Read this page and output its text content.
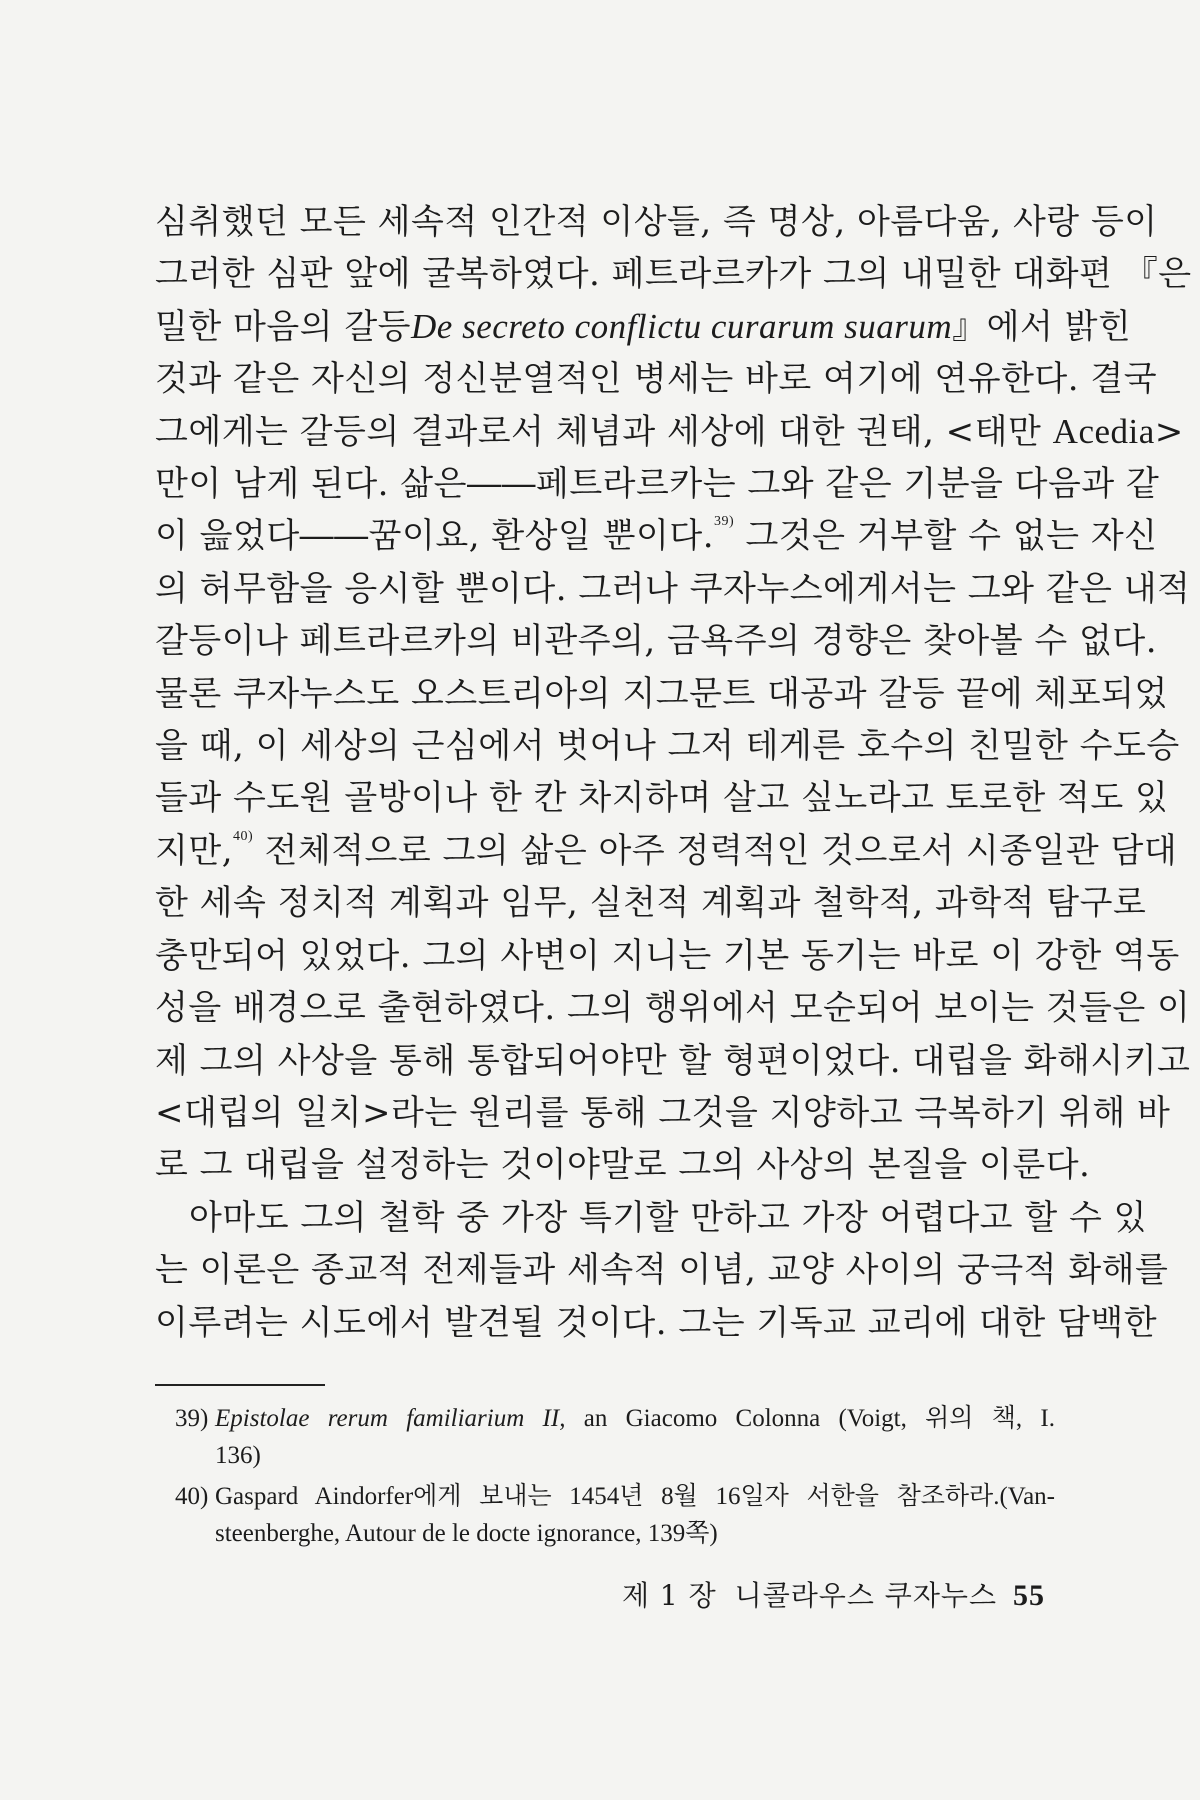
심취했던 모든 세속적 인간적 이상들, 즉 명상, 아름다움, 사랑 등이
그러한 심판 앞에 굴복하였다. 페트라르카가 그의 내밀한 대화편 『은
밀한 마음의 갈등De secreto conflictu curarum suarum』에서 밝힌
것과 같은 자신의 정신분열적인 병세는 바로 여기에 연유한다. 결국
그에게는 갈등의 결과로서 체념과 세상에 대한 권태, <태만 Acedia>
만이 남게 된다. 삶은――페트라르카는 그와 같은 기분을 다음과 같
이 읊었다――꿈이요, 환상일 뿐이다.$^{39)}$ 그것은 거부할 수 없는 자신
의 허무함을 응시할 뿐이다. 그러나 쿠자누스에게서는 그와 같은 내적
갈등이나 페트라르카의 비관주의, 금욕주의 경향은 찾아볼 수 없다.
물론 쿠자누스도 오스트리아의 지그문트 대공과 갈등 끝에 체포되었
을 때, 이 세상의 근심에서 벗어나 그저 테게른 호수의 친밀한 수도승
들과 수도원 골방이나 한 칸 차지하며 살고 싶노라고 토로한 적도 있
지만,$^{40)}$ 전체적으로 그의 삶은 아주 정력적인 것으로서 시종일관 담대
한 세속 정치적 계획과 임무, 실천적 계획과 철학적, 과학적 탐구로
충만되어 있었다. 그의 사변이 지니는 기본 동기는 바로 이 강한 역동
성을 배경으로 출현하였다. 그의 행위에서 모순되어 보이는 것들은 이
제 그의 사상을 통해 통합되어야만 할 형편이었다. 대립을 화해시키고
<대립의 일치>라는 원리를 통해 그것을 지양하고 극복하기 위해 바
로 그 대립을 설정하는 것이야말로 그의 사상의 본질을 이룬다.

아마도 그의 철학 중 가장 특기할 만하고 가장 어렵다고 할 수 있
는 이론은 종교적 전제들과 세속적 이념, 교양 사이의 궁극적 화해를
이루려는 시도에서 발견될 것이다. 그는 기독교 교리에 대한 담백한
39) Epistolae rerum familiarium II, an Giacomo Colonna (Voigt, 위의 책, I.
136)
40) Gaspard Aindorfer에게 보내는 1454년 8월 16일자 서한을 참조하라.(Van-
steenberghe, Autour de le docte ignorance, 139쪽)
제 1 장 니콜라우스 쿠자누스 55
